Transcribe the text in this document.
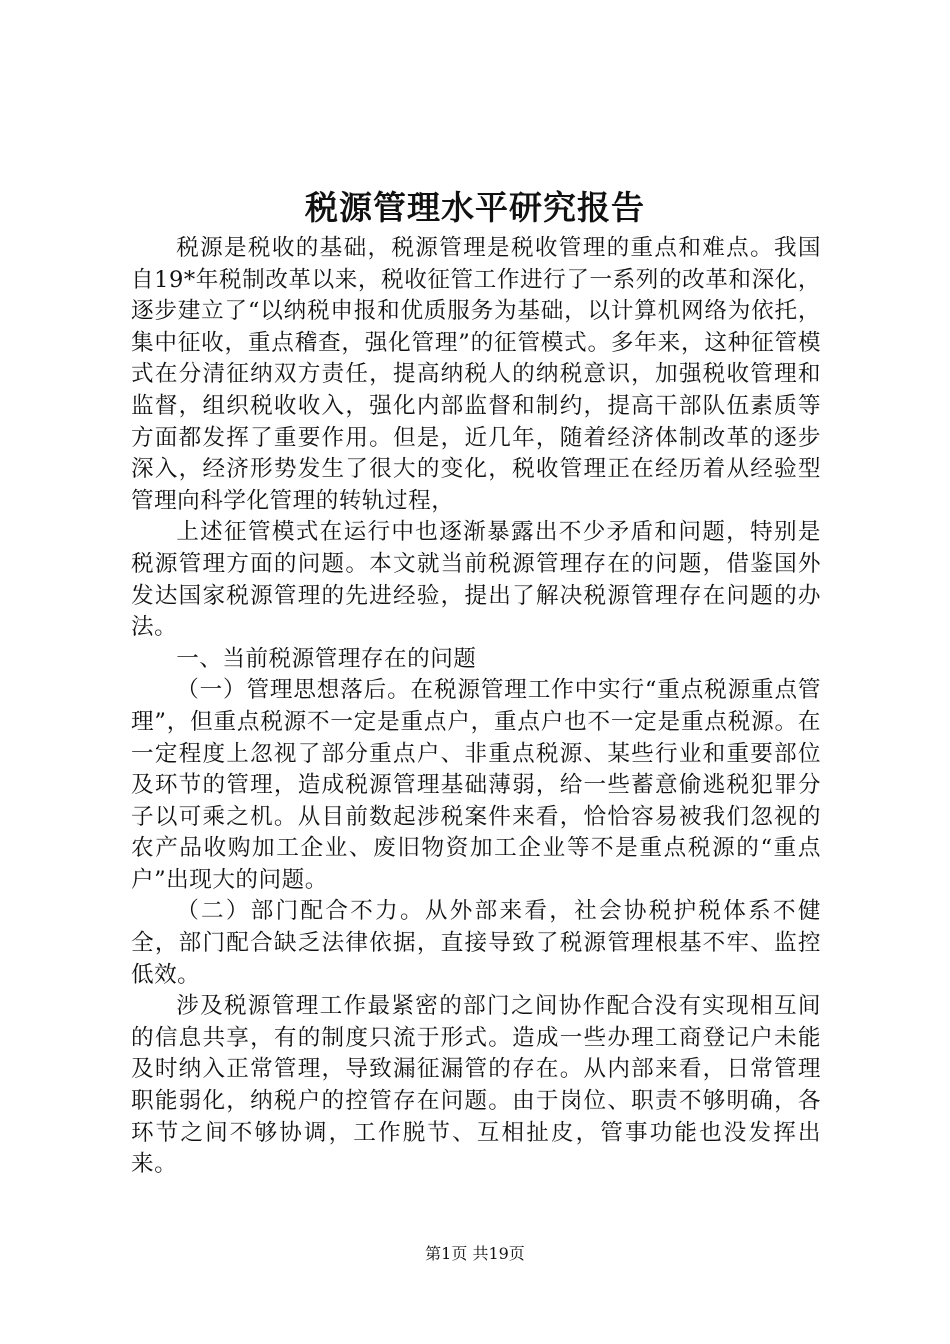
税源管理水平研究报告

税源是税收的基础，税源管理是税收管理的重点和难点。我国自19*年税制改革以来，税收征管工作进行了一系列的改革和深化，逐步建立了“以纳税申报和优质服务为基础，以计算机网络为依托，集中征收，重点稽查，强化管理”的征管模式。多年来，这种征管模式在分清征纳双方责任，提高纳税人的纳税意识，加强税收管理和监督，组织税收收入，强化内部监督和制约，提高干部队伍素质等方面都发挥了重要作用。但是，近几年，随着经济体制改革的逐步深入，经济形势发生了很大的变化，税收管理正在经历着从经验型管理向科学化管理的转轨过程，

上述征管模式在运行中也逐渐暴露出不少矛盾和问题，特别是税源管理方面的问题。本文就当前税源管理存在的问题，借鉴国外发达国家税源管理的先进经验，提出了解决税源管理存在问题的办法。

一、当前税源管理存在的问题

（一）管理思想落后。在税源管理工作中实行“重点税源重点管理”，但重点税源不一定是重点户，重点户也不一定是重点税源。在一定程度上忽视了部分重点户、非重点税源、某些行业和重要部位及环节的管理，造成税源管理基础薄弱，给一些蓄意偷逃税犯罪分子以可乘之机。从目前数起涉税案件来看，恰恰容易被我们忽视的农产品收购加工企业、废旧物资加工企业等不是重点税源的“重点户”出现大的问题。

（二）部门配合不力。从外部来看，社会协税护税体系不健全，部门配合缺乏法律依据，直接导致了税源管理根基不牢、监控低效。

涉及税源管理工作最紧密的部门之间协作配合没有实现相互间的信息共享，有的制度只流于形式。造成一些办理工商登记户未能及时纳入正常管理，导致漏征漏管的存在。从内部来看，日常管理职能弱化，纳税户的控管存在问题。由于岗位、职责不够明确，各环节之间不够协调，工作脱节、互相扯皮，管事功能也没发挥出来。

第1页 共19页
